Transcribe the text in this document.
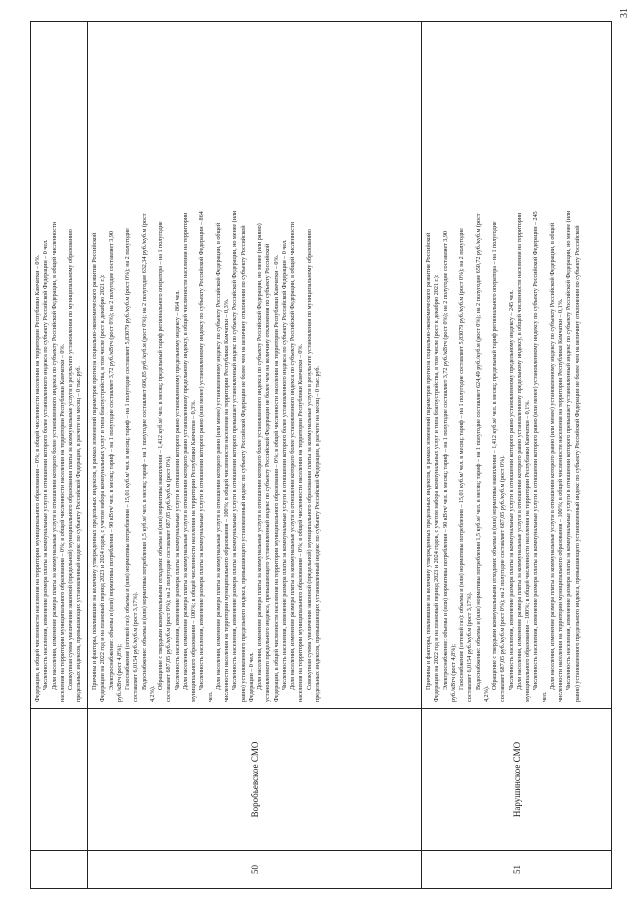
Федерации, в общей численности населения на территории муниципального образования – 0%; в общей численности населения на территории Республики Камчатки – 0%. Численность населения, изменение размера платы за коммунальные услуги в отношении которого более установленного индекса по субъекту Российской Федерации – 0 чел. Доля населения, изменение размера платы за коммунальные услуги в отношении которого более установленного индекса по субъекту Российской Федерации, в общей численности населения на территории муниципального образования – 0%; в общей численности населения на территории Республики Камчатки – 0%. Совокупная сумма увеличения законной (предельной) муниципального образования платы за коммунальные услуги в результате установления по муниципальному образованию предельных индексов, превышающих установленный индекс по субъекту Российской Федерации, в расчете на месяц – 0 тыс.руб.
50
Воробьевское СМО
Причины и факторы, повлиявшие на величину утвержденных предельных индексов, в рамках изменений параметров прогноза социально-экономического развития Российской Федерации на 2022 год и на плановый период 2023 и 2024 годов, с учетом набора коммунальных услуг и типа благоустройства, в том числе (рост к декабрю 2021 г.): Электроснабжение: объемы и (или) нормативы потребления – 90 кВтч/ чел. в месяц; тариф – на 1 полугодие составляет 3,72 руб./кВтч (рост 0%); на 2 полугодие составляет 3,90 руб./кВтч (рост 4,8%); Газоснабжение (сетевой газ): объемы и (или) нормативы потребления – 15,01 куб.м/ чел. в месяц; тариф – на 1 полугодие составляет 5,83079 руб./куб.м (рост 0%); на 2 полугодие составляет 6,0154 руб./куб.м (рост 3,17%). Водоснабжение: объемы и (или) нормативы потребления 1,5 куб.м/ чел. в месяц; тариф – на 1 полугодие составляет 606,85 руб./куб.м (рост 0%); на 2 полугодие 632,34 руб./куб.м (рост
4,2%).
Обращение с твердыми коммунальными отходами: объемы и (или) нормативы накопления – 1,412 куб.м/ чел. в месяц; предельный тариф регионального оператора – на 1 полугодие составляет 687,05 руб./куб.м (рост 0%); на 2 полугодие составляет 687,05 руб./куб.м (рост 0%). Численность населения, изменение размера платы за коммунальные услуги в отношении которого равно установленному предельному индексу – 864 чел. Доля населения, изменение размера платы за коммунальные услуги в отношении которого равно установленному предельному индексу, в общей численности населения на территории муниципального образования – 100%; в общей численности населения на территории Республики Камчатки – 0,3%. Численность населения, изменение размера платы за коммунальные услуги в отношении которого равно (или менее) установленному индексу по субъекту Российской Федерации – 864
чел.
Доля населения, изменение размера платы за коммунальные услуги в отношении которого равно (или менее) установленному индексу по субъекту Российской Федерации, в общей численности населения на территории муниципального образования – 100%; в общей численности населения на территории Республики Камчатки – 0,3%. Численность населения, изменение размера платы за коммунальные услуги в отношении которого превышает установленный индекс по субъекту Российской Федерации, но менее (или равно) установленного предельного индекса, превышающего установленный индекс по субъекту Российской Федерации не более чем на величину отклонения по субъекту Российской Федерации – 0 чел. Доля населения, изменение размера платы за коммунальные услуги в отношении которого более установленного индекса по субъекту Российской Федерации, но менее (или равно) установленного предельного индекса, превышающего установленный индекс по субъекту Российской Федерации не более чем на величину отклонения по субъекту Российской Федерации, в общей численности населения на территории муниципального образования – 0%; в общей численности населения на территории Республики Камчатки – 0%. Численность населения, изменение размера платы за коммунальные услуги в отношении которого более установленного индекса по субъекту Российской Федерации – 0 чел. Доля населения, изменение размера платы за коммунальные услуги в отношении которого более установленного индекса по субъекту Российской Федерации, в общей численности населения на территории муниципального образования – 0%; в общей численности населения на территории Республики Камчатки – 0%. Совокупная сумма увеличения законной (предельной) муниципального образования платы за коммунальные услуги в результате установления по муниципальному образованию предельных индексов, превышающих установленный индекс по субъекту Российской Федерации, в расчете на месяц – 0 тыс.руб.
51
Нарушинское СМО
Причины и факторы, повлиявшие на величину утвержденных предельных индексов, в рамках изменений параметров прогноза социально-экономического развития Российской Федерации на 2022 год и на плановый период 2023 и 2024 годов, с учетом набора коммунальных услуг и типа благоустройства, в том числе (рост к декабрю 2021 г.): Электроснабжение: объемы и (или) нормативы потребления – 90 кВтч/ чел. в месяц; тариф – на 1 полугодие составляет 3,72 руб./кВтч (рост 0%); на 2 полугодие составляет 3,90 руб./кВтч (рост 4,8%); Газоснабжение (сетевой газ): объемы и (или) нормативы потребления – 15,01 куб.м/ чел. в месяц; тариф – на 1 полугодие составляет 5,83079 руб./куб.м (рост 0%); на 2 полугодие составляет 6,0154 руб./куб.м (рост 3,17%). Водоснабжение: объемы и (или) нормативы потребления 1,5 куб.м/ чел. в месяц; тариф – на 1 полугодие составляет 624,49 руб./куб.м (рост 0%); на 2 полугодие 650,72 руб./куб.м (рост
4,2%).
Обращение с твердыми коммунальными отходами: объемы и (или) нормативы накопления – 1,412 куб.м/ чел. в месяц; предельный тариф регионального оператора – на 1 полугодие составляет 687,05 руб./куб.м (рост 0%); на 2 полугодие составляет 687,05 руб./куб.м (рост 0%). Численность населения, изменение размера платы за коммунальные услуги в отношении которого равно установленному предельному индексу – 245 чел. Доля населения, изменение размера платы за коммунальные услуги в отношении которого равно установленному предельному индексу, в общей численности населения на территории муниципального образования – 100%; в общей численности населения на территории Республики Камчатки – 0,1%. Численность населения, изменение размера платы за коммунальные услуги в отношении которого равно (или менее) установленному индексу по субъекту Российской Федерации – 245
чел.
Доля населения, изменение размера платы за коммунальные услуги в отношении которого равно (или менее) установленному индексу по субъекту Российской Федерации, в общей численности населения на территории муниципального образования – 100%; в общей численности населения на территории Республики Камчатки – 0,1%. Численность населения, изменение размера платы за коммунальные услуги в отношении которого превышает установленный индекс по субъекту Российской Федерации, но менее (или равно) установленного предельного индекса, превышающего установленный индекс по субъекту Российской Федерации не более чем на величину отклонения по субъекту Российской
31
